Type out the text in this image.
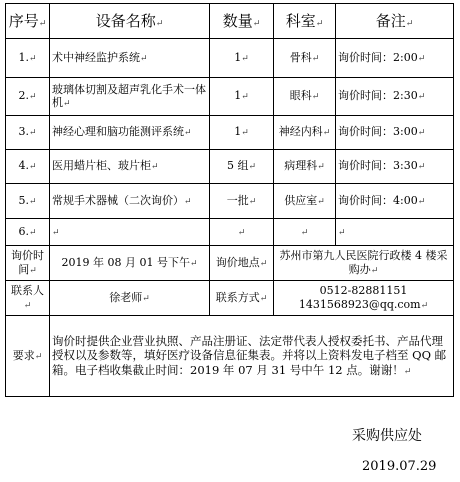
序号↵	设备名称↵	数量↵	科室↵	备注↵
1.↵	术中神经监护系统↵	1↵	骨科↵	询价时间：2:00↵
2.↵	玻璃体切割及超声乳化手术一体机↵	1↵	眼科↵	询价时间：2:30↵
3.↵	神经心理和脑功能测评系统↵	1↵	神经内科↵	询价时间：3:00↵
4.↵	医用蜡片柜、玻片柜↵	5 组↵	病理科↵	询价时间：3:30↵
5.↵	常规手术器械（二次询价）↵	一批↵	供应室↵	询价时间：4:00↵
6.↵	↵	↵	↵	↵
询价时间↵	2019 年 08 月 01 号下午↵	询价地点↵	苏州市第九人民医院行政楼 4 楼采购办↵	
联系人↵	徐老师↵	联系方式↵	0512-82881151
1431568923@qq.com↵	

要求↵	询价时提供企业营业执照、产品注册证、法定带代表人授权委托书、产品代理授权以及参数等，填好医疗设备信息征集表。并将以上资料发电子档至 QQ 邮箱。电子档收集截止时间：2019 年 07 月 31 号中午 12 点。谢谢！↵			
采购供应处
2019.07.29
